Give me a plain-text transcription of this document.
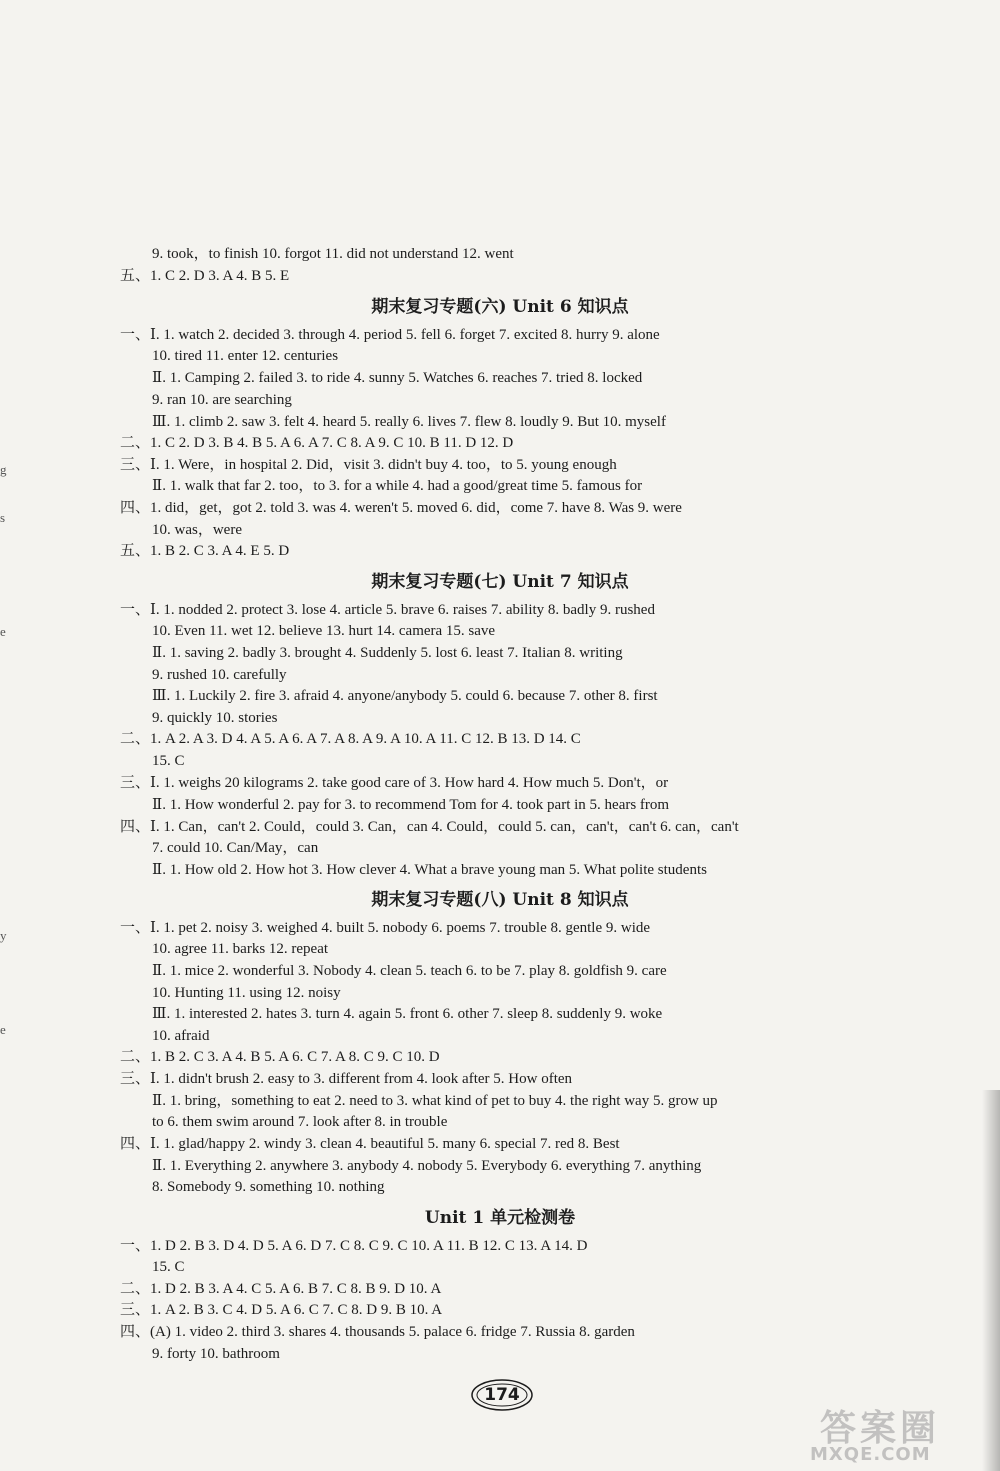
9. took，to finish 10. forgot 11. did not understand 12. went
五、1. C 2. D 3. A 4. B 5. E
期末复习专题(六) Unit 6 知识点
一、Ⅰ. 1. watch 2. decided 3. through 4. period 5. fell 6. forget 7. excited 8. hurry 9. alone
10. tired 11. enter 12. centuries
Ⅱ. 1. Camping 2. failed 3. to ride 4. sunny 5. Watches 6. reaches 7. tried 8. locked
9. ran 10. are searching
Ⅲ. 1. climb 2. saw 3. felt 4. heard 5. really 6. lives 7. flew 8. loudly 9. But 10. myself
二、1. C 2. D 3. B 4. B 5. A 6. A 7. C 8. A 9. C 10. B 11. D 12. D
三、Ⅰ. 1. Were，in hospital 2. Did，visit 3. didn't buy 4. too，to 5. young enough
Ⅱ. 1. walk that far 2. too，to 3. for a while 4. had a good/great time 5. famous for
四、1. did，get，got 2. told 3. was 4. weren't 5. moved 6. did，come 7. have 8. Was 9. were
10. was，were
五、1. B 2. C 3. A 4. E 5. D
期末复习专题(七) Unit 7 知识点
一、Ⅰ. 1. nodded 2. protect 3. lose 4. article 5. brave 6. raises 7. ability 8. badly 9. rushed
10. Even 11. wet 12. believe 13. hurt 14. camera 15. save
Ⅱ. 1. saving 2. badly 3. brought 4. Suddenly 5. lost 6. least 7. Italian 8. writing
9. rushed 10. carefully
Ⅲ. 1. Luckily 2. fire 3. afraid 4. anyone/anybody 5. could 6. because 7. other 8. first
9. quickly 10. stories
二、1. A 2. A 3. D 4. A 5. A 6. A 7. A 8. A 9. A 10. A 11. C 12. B 13. D 14. C
15. C
三、Ⅰ. 1. weighs 20 kilograms 2. take good care of 3. How hard 4. How much 5. Don't，or
Ⅱ. 1. How wonderful 2. pay for 3. to recommend Tom for 4. took part in 5. hears from
四、Ⅰ. 1. Can，can't 2. Could，could 3. Can，can 4. Could，could 5. can，can't，can't 6. can，can't
7. could 10. Can/May，can
Ⅱ. 1. How old 2. How hot 3. How clever 4. What a brave young man 5. What polite students
期末复习专题(八) Unit 8 知识点
一、Ⅰ. 1. pet 2. noisy 3. weighed 4. built 5. nobody 6. poems 7. trouble 8. gentle 9. wide
10. agree 11. barks 12. repeat
Ⅱ. 1. mice 2. wonderful 3. Nobody 4. clean 5. teach 6. to be 7. play 8. goldfish 9. care
10. Hunting 11. using 12. noisy
Ⅲ. 1. interested 2. hates 3. turn 4. again 5. front 6. other 7. sleep 8. suddenly 9. woke
10. afraid
二、1. B 2. C 3. A 4. B 5. A 6. C 7. A 8. C 9. C 10. D
三、Ⅰ. 1. didn't brush 2. easy to 3. different from 4. look after 5. How often
Ⅱ. 1. bring，something to eat 2. need to 3. what kind of pet to buy 4. the right way 5. grow up
to 6. them swim around 7. look after 8. in trouble
四、Ⅰ. 1. glad/happy 2. windy 3. clean 4. beautiful 5. many 6. special 7. red 8. Best
Ⅱ. 1. Everything 2. anywhere 3. anybody 4. nobody 5. Everybody 6. everything 7. anything
8. Somebody 9. something 10. nothing
Unit 1 单元检测卷
一、1. D 2. B 3. D 4. D 5. A 6. D 7. C 8. C 9. C 10. A 11. B 12. C 13. A 14. D
15. C
二、1. D 2. B 3. A 4. C 5. A 6. B 7. C 8. B 9. D 10. A
三、1. A 2. B 3. C 4. D 5. A 6. C 7. C 8. D 9. B 10. A
四、(A) 1. video 2. third 3. shares 4. thousands 5. palace 6. fridge 7. Russia 8. garden
9. forty 10. bathroom
g
s
e
y
e
174
答案圈
MXQE.COM
